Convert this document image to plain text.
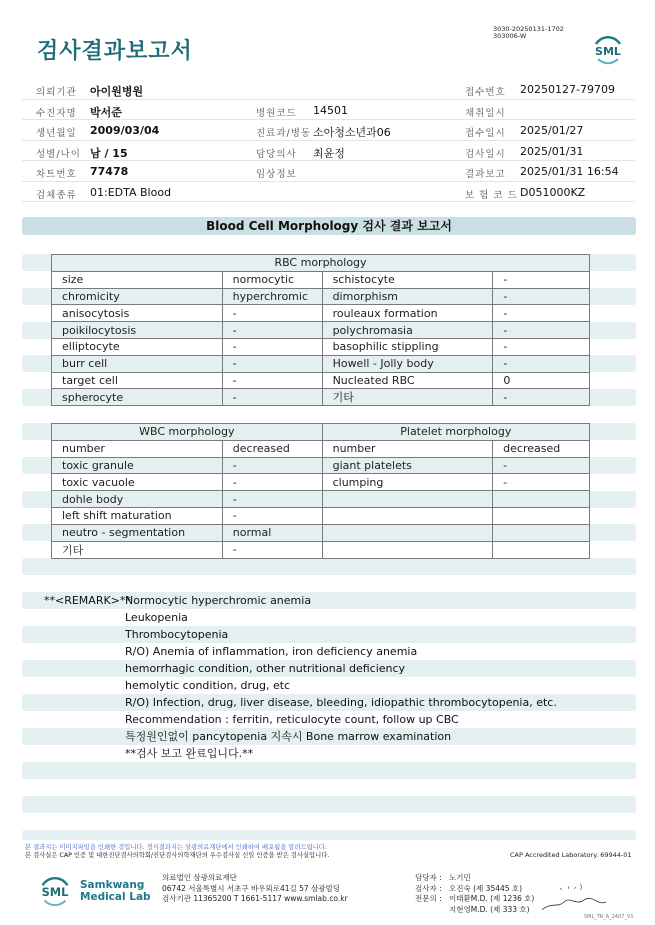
검사결과보고서
3030-20250131-1702
303006-W
SML
의뢰기관 아이원병원	접수번호 20250127-79709
수진자명 박서준	병원코드 14501	채취일시
생년월일 2009/03/04	진료과/병동 소아청소년과06	접수일시 2025/01/27
성별/나이 남 / 15	담당의사 최윤정	검사일시 2025/01/31
차트번호 77478	임상정보	결과보고 2025/01/31 16:54
검체종류 01:EDTA Blood	보 험 코 드 D051000KZ
Blood Cell Morphology 검사 결과 보고서
RBC morphology			
size	normocytic	schistocyte	-
chromicity	hyperchromic	dimorphism	-
anisocytosis	-	rouleaux formation	-
poikilocytosis	-	polychromasia	-
elliptocyte	-	basophilic stippling	-
burr cell	-	Howell - Jolly body	-
target cell	-	Nucleated RBC	0
spherocyte	-	기타	-
WBC morphology		Platelet morphology	
number	decreased	number	decreased
toxic granule	-	giant platelets	-
toxic vacuole	-	clumping	-
dohle body	-		
left shift maturation	-		
neutro - segmentation	normal		
기타	-		
**<REMARK>**
Normocytic hyperchromic anemia
Leukopenia
Thrombocytopenia
R/O) Anemia of inflammation, iron deficiency anemia
hemorrhagic condition, other nutritional deficiency
hemolytic condition, drug, etc
R/O) Infection, drug, liver disease, bleeding, idiopathic thrombocytopenia, etc.
Recommendation : ferritin, reticulocyte count, follow up CBC
특정원인없이 pancytopenia 지속시 Bone marrow examination
**검사 보고 완료입니다.**
본 결과지는 이미지파일을 인쇄한 것입니다. 정식결과지는 삼광의료재단에서 인쇄하여 배포됨을 알려드립니다.
본 검사실은 CAP 인증 및 대한진단검사의학회/진단검사의학재단의 우수검사실 신임 인증을 받은 검사실입니다.	CAP Accredited Laboratory. 69944-01
SML Samkwang
Medical Lab
의료법인 삼광의료재단
06742 서울특별시 서초구 바우뫼로41길 57 삼광빌딩
검사기관 11365200 T 1661-5117 www.smlab.co.kr
담당자 : 노기민
검사자 : 오진숙 (제 35445 호)
전문의 : 이태환M.D. (제 1236 호)
지현영M.D. (제 333 호)
SML_TR_A_2407_V1
